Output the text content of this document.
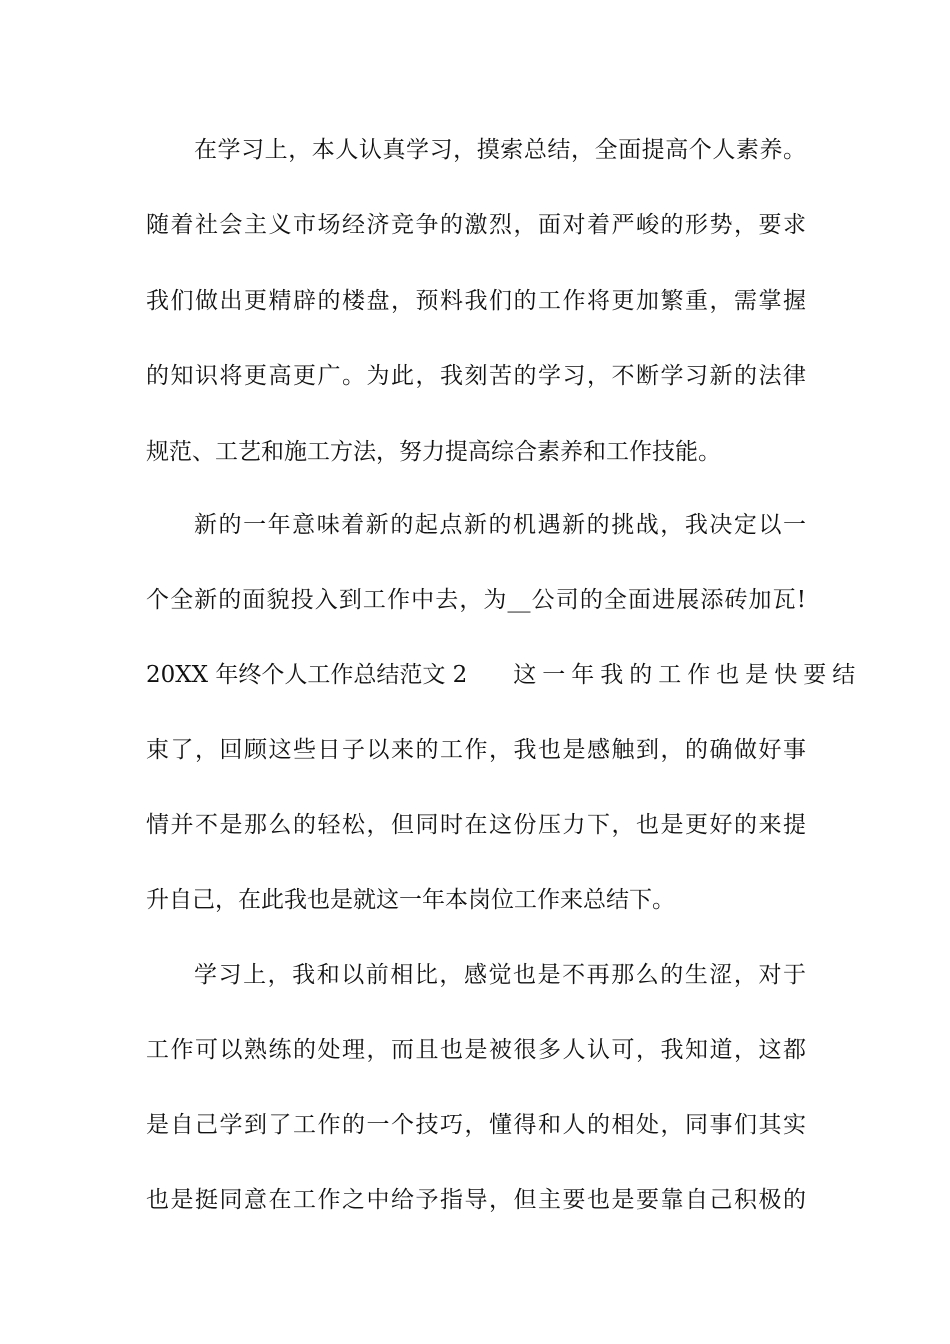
在学习上，本人认真学习，摸索总结，全面提高个人素养。
随着社会主义市场经济竞争的激烈，面对着严峻的形势，要求
我们做出更精辟的楼盘，预料我们的工作将更加繁重，需掌握
的知识将更高更广。为此，我刻苦的学习，不断学习新的法律
规范、工艺和施工方法，努力提高综合素养和工作技能。
新的一年意味着新的起点新的机遇新的挑战，我决定以一
个全新的面貌投入到工作中去，为__公司的全面进展添砖加瓦!
20XX 年终个人工作总结范文 2 这一年我的工作也是快要结
束了，回顾这些日子以来的工作，我也是感触到，的确做好事
情并不是那么的轻松，但同时在这份压力下，也是更好的来提
升自己，在此我也是就这一年本岗位工作来总结下。
学习上，我和以前相比，感觉也是不再那么的生涩，对于
工作可以熟练的处理，而且也是被很多人认可，我知道，这都
是自己学到了工作的一个技巧，懂得和人的相处，同事们其实
也是挺同意在工作之中给予指导，但主要也是要靠自己积极的
